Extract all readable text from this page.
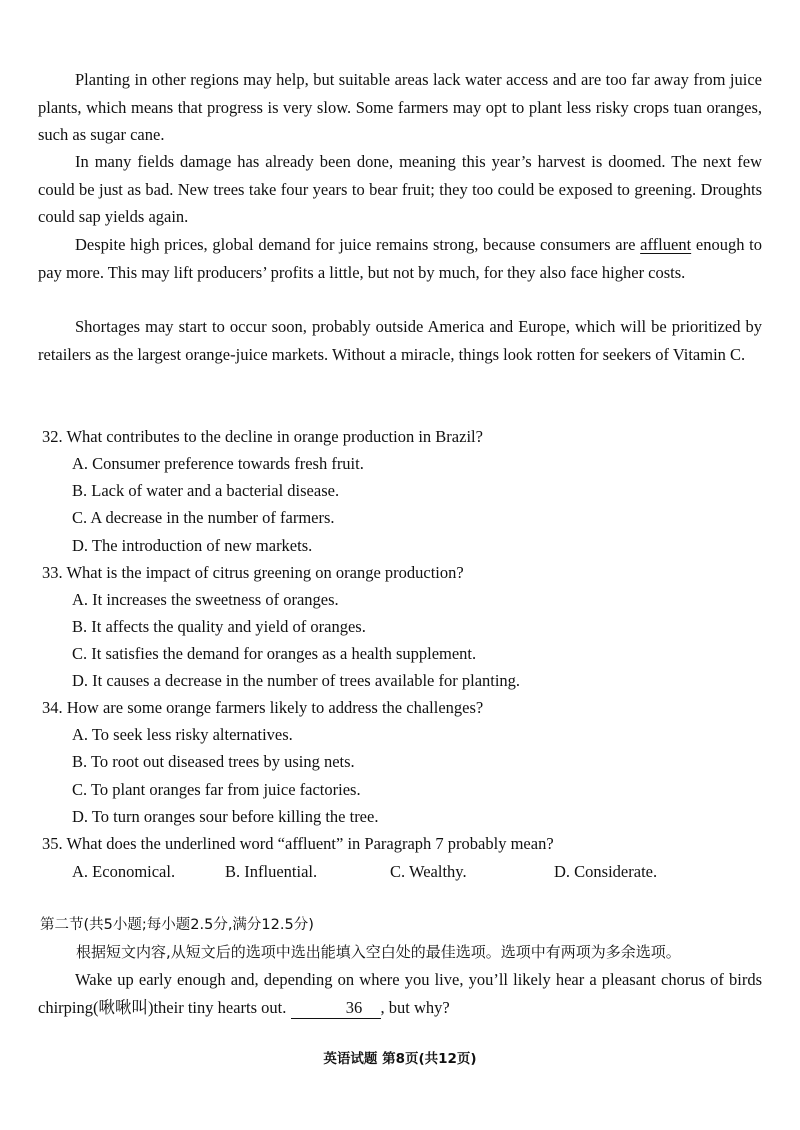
Planting in other regions may help, but suitable areas lack water access and are too far away from juice plants, which means that progress is very slow. Some farmers may opt to plant less risky crops tuan oranges, such as sugar cane.

In many fields damage has already been done, meaning this year’s harvest is doomed. The next few could be just as bad. New trees take four years to bear fruit; they too could be exposed to greening. Droughts could sap yields again.

Despite high prices, global demand for juice remains strong, because consumers are affluent enough to pay more. This may lift producers’ profits a little, but not by much, for they also face higher costs.

Shortages may start to occur soon, probably outside America and Europe, which will be prioritized by retailers as the largest orange-juice markets. Without a miracle, things look rotten for seekers of Vitamin C.

32. What contributes to the decline in orange production in Brazil?

A. Consumer preference towards fresh fruit.

B. Lack of water and a bacterial disease.

C. A decrease in the number of farmers.

D. The introduction of new markets.

33. What is the impact of citrus greening on orange production?

A. It increases the sweetness of oranges.

B. It affects the quality and yield of oranges.

C. It satisfies the demand for oranges as a health supplement.

D. It causes a decrease in the number of trees available for planting.

34. How are some orange farmers likely to address the challenges?

A. To seek less risky alternatives.

B. To root out diseased trees by using nets.

C. To plant oranges far from juice factories.

D. To turn oranges sour before killing the tree.

35. What does the underlined word “affluent” in Paragraph 7 probably mean?

A. Economical.	B. Influential.	C. Wealthy.	D. Considerate.
第二节(共5小题;每小题2.5分,满分12.5分)
根据短文内容,从短文后的选项中选出能填入空白处的最佳选项。选项中有两项为多余选项。

Wake up early enough and, depending on where you live, you’ll likely hear a pleasant chorus of birds chirping(啾啾叫)their tiny hearts out.	36 , but why?

英语试题 第8页(共12页)
